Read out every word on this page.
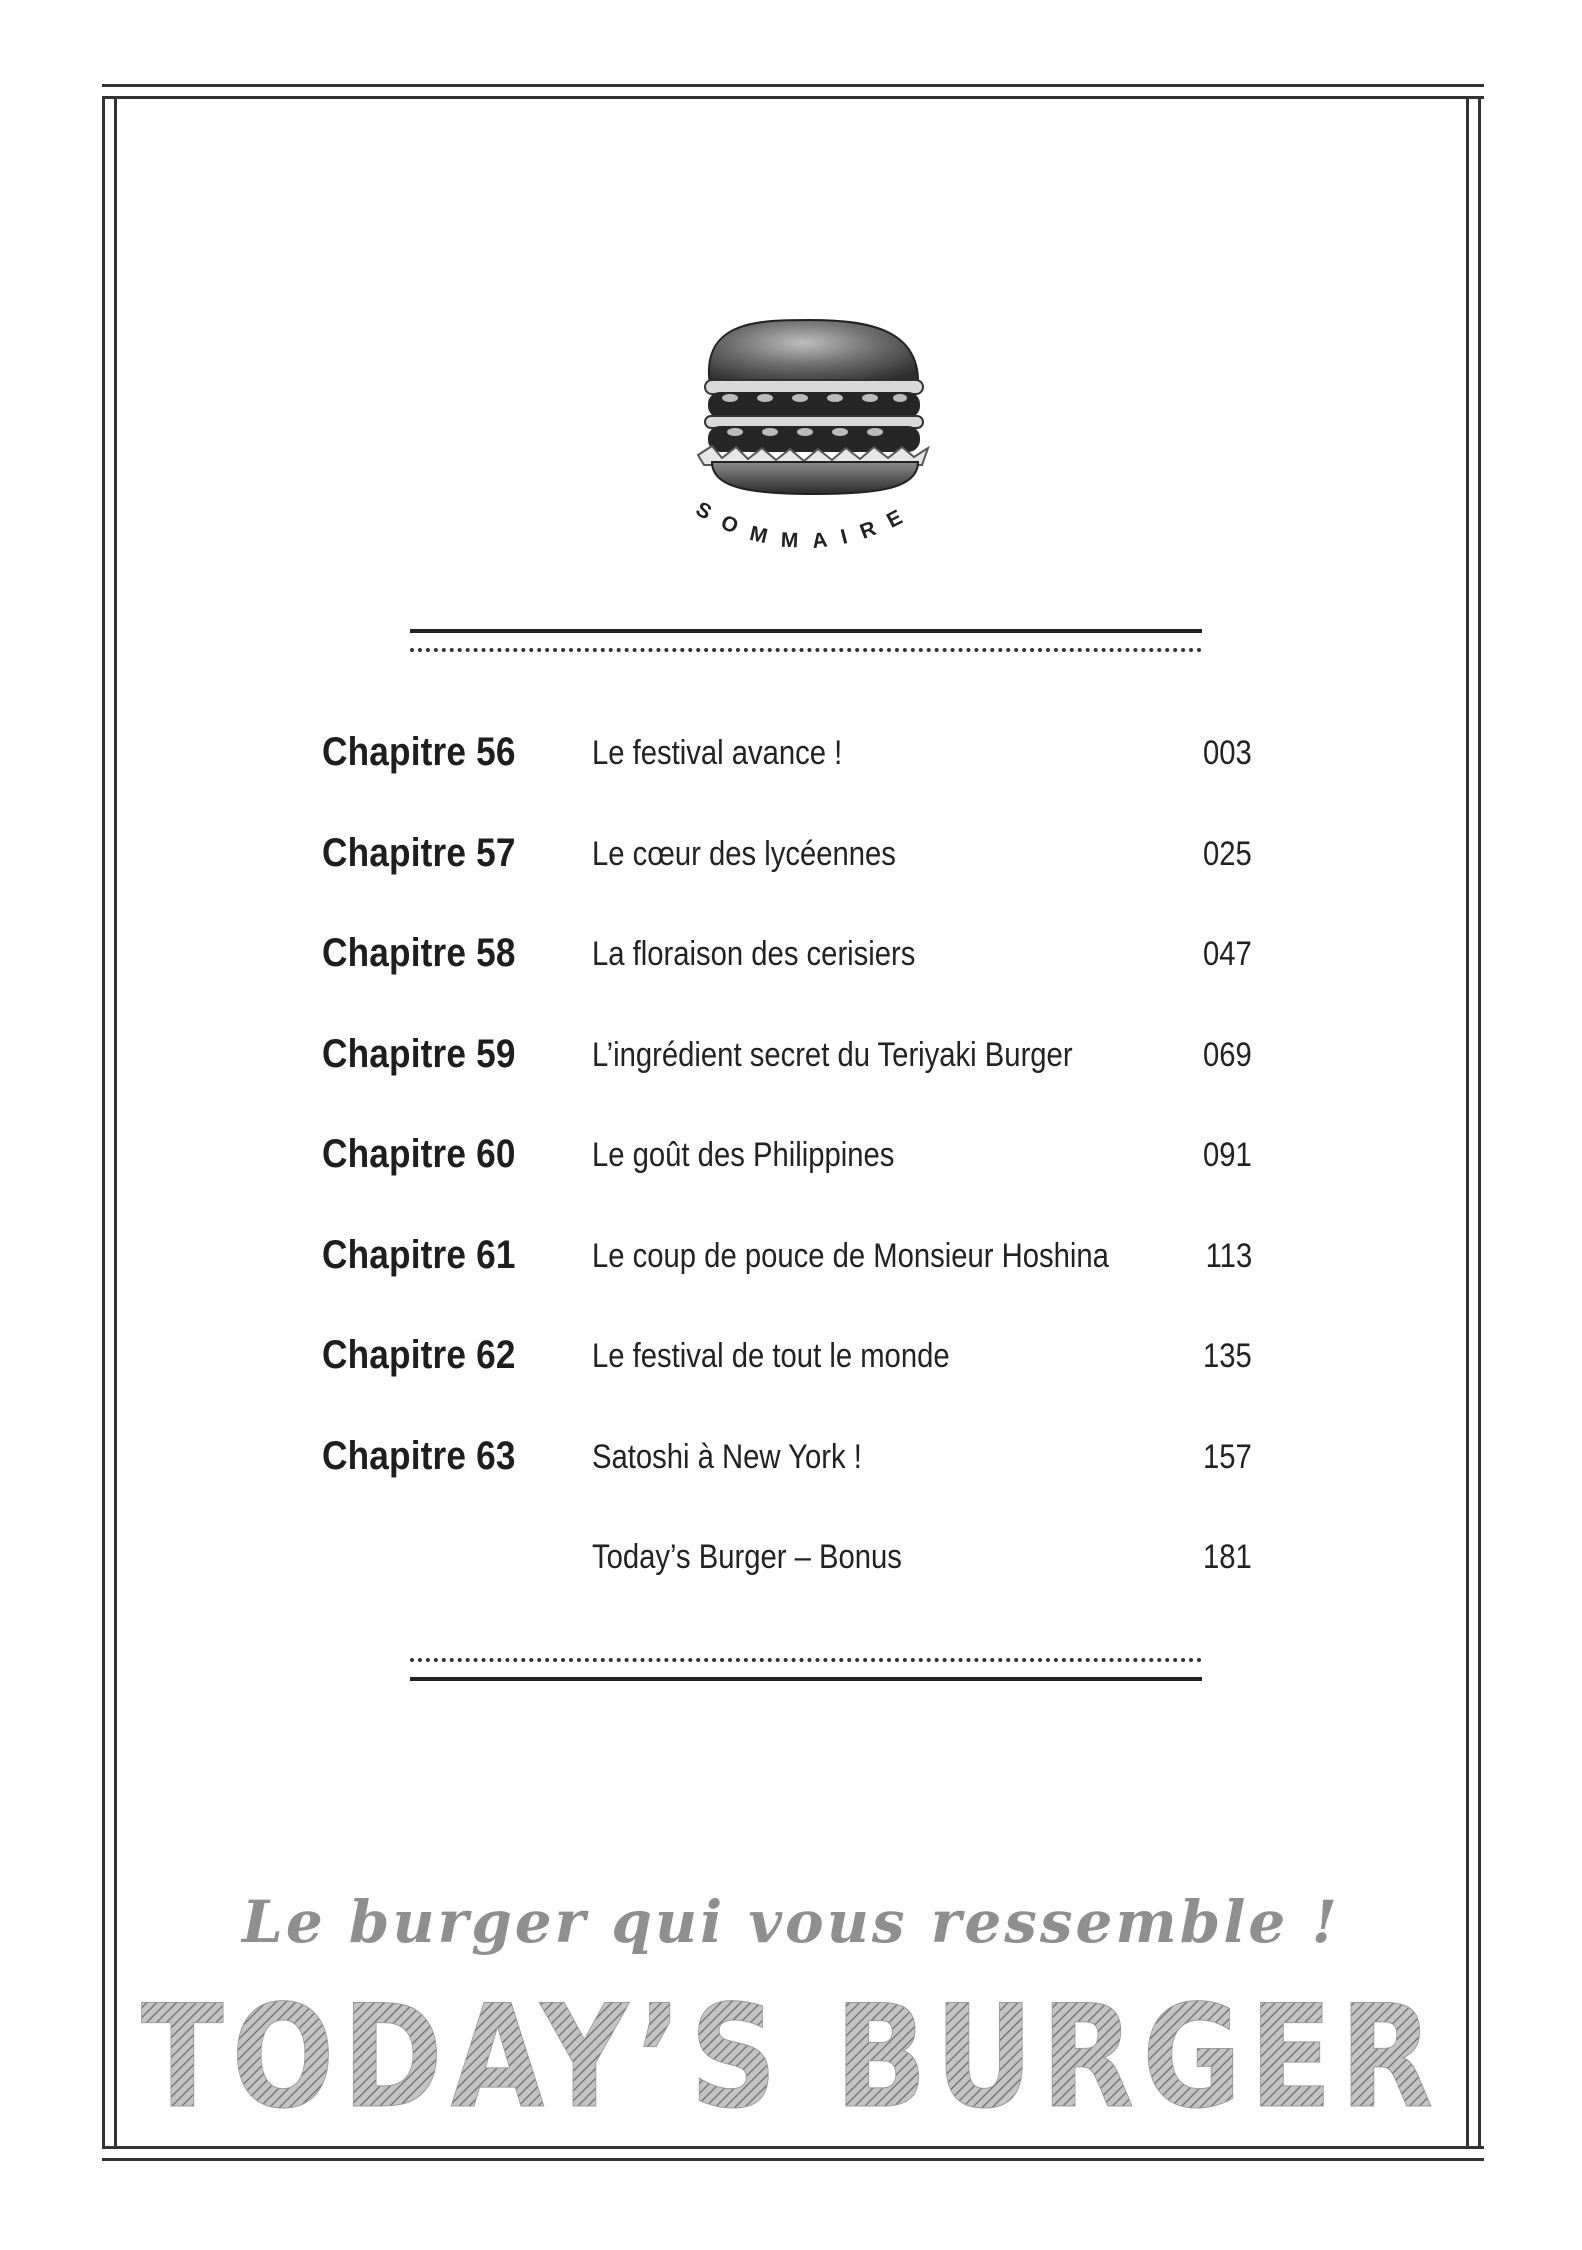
SOMMAIRE
Chapitre 56 Le festival avance !	003
Chapitre 57 Le cœur des lycéennes	025
Chapitre 58 La floraison des cerisiers	047
Chapitre 59 L’ingrédient secret du Teriyaki Burger	069
Chapitre 60 Le goût des Philippines	091
Chapitre 61 Le coup de pouce de Monsieur Hoshina	113
Chapitre 62 Le festival de tout le monde	135
Chapitre 63 Satoshi à New York !	157
Today’s Burger – Bonus	181
Le burger qui vous ressemble !
TODAY’S BURGER
